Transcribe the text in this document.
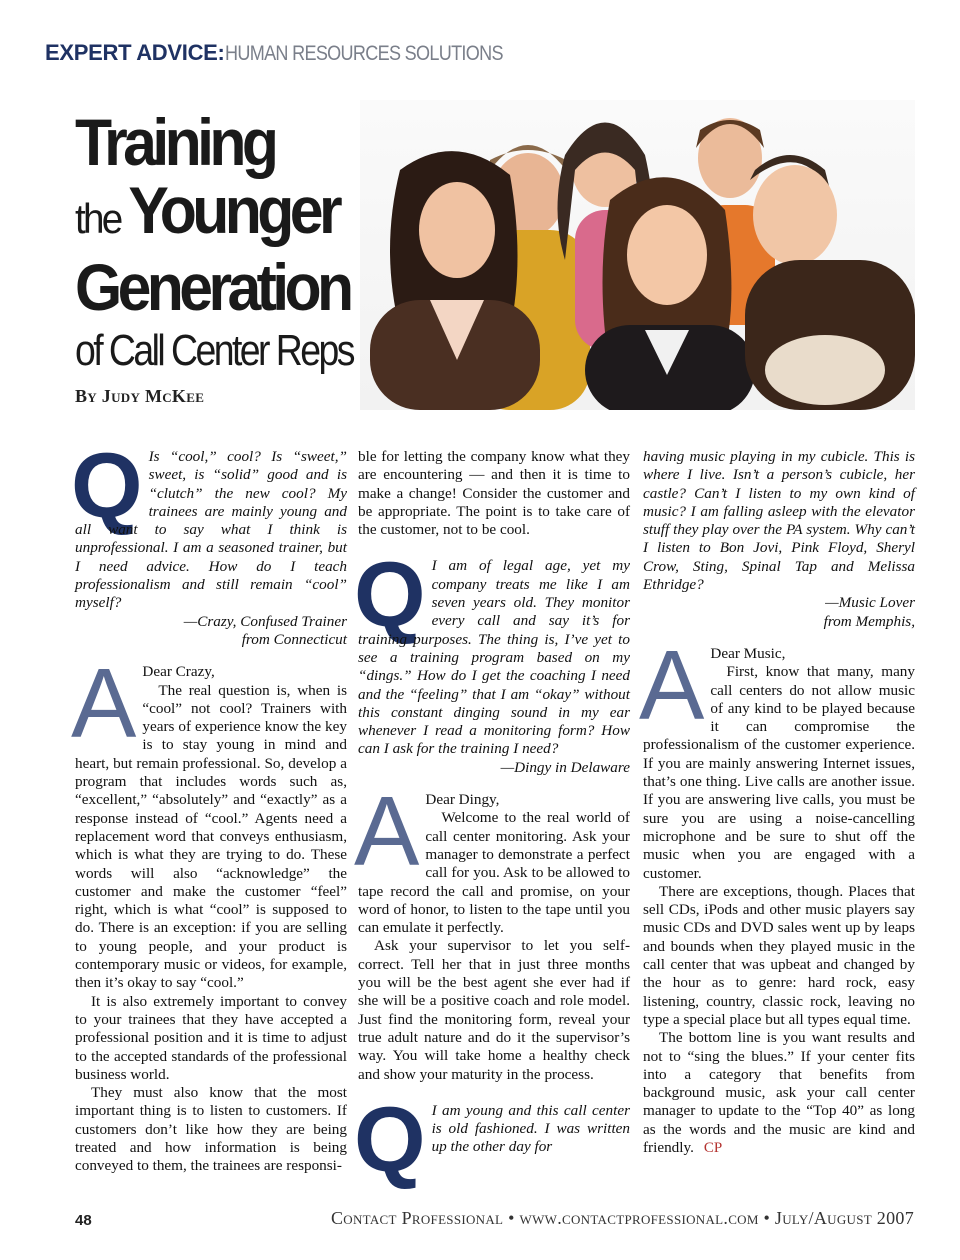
EXPERT ADVICE:HUMAN RESOURCES SOLUTIONS
Training
the Younger
Generation
of Call Center Reps
By Judy McKee
Q Is “cool,” cool? Is “sweet,” sweet, is “solid” good and is “clutch” the new cool? My trainees are mainly young and all want to say what I think is unprofessional. I am a seasoned trainer, but I need advice. How do I teach professionalism and still remain “cool” myself?

—Crazy, Confused Trainer

from Connecticut

A Dear Crazy,

The real question is, when is “cool” not cool? Trainers with years of experience know the key is to stay young in mind and heart, but remain professional. So, develop a program that includes words such as, “excellent,” “absolutely” and “exactly” as a response instead of “cool.” Agents need a replacement word that conveys enthusiasm, which is what they are trying to do. These words will also “acknowledge” the customer and make the customer “feel” right, which is what “cool” is supposed to do. There is an exception: if you are selling to young people, and your product is contemporary music or videos, for example, then it’s okay to say “cool.”

It is also extremely important to convey to your trainees that they have accepted a professional position and it is time to adjust to the accepted standards of the professional business world.

They must also know that the most important thing is to listen to customers. If customers don’t like how they are being treated and how information is being conveyed to them, the trainees are responsi-

ble for letting the company know what they are encountering — and then it is time to make a change! Consider the customer and be appropriate. The point is to take care of the customer, not to be cool.

Q I am of legal age, yet my company treats me like I am seven years old. They monitor every call and say it’s for training purposes. The thing is, I’ve yet to see a training program based on my “dings.” How do I get the coaching I need and the “feeling” that I am “okay” without this constant dinging sound in my ear whenever I read a monitoring form? How can I ask for the training I need?

—Dingy in Delaware

A Dear Dingy,

Welcome to the real world of call center monitoring. Ask your manager to demonstrate a perfect call for you. Ask to be allowed to tape record the call and promise, on your word of honor, to listen to the tape until you can emulate it perfectly.

Ask your supervisor to let you self-correct. Tell her that in just three months you will be the best agent she ever had if she will be a positive coach and role model. Just find the monitoring form, reveal your true adult nature and do it the supervisor’s way. You will take home a healthy check and show your maturity in the process.

Q I am young and this call center is old fashioned. I was written up the other day for

having music playing in my cubicle. This is where I live. Isn’t a person’s cubicle, her castle? Can’t I listen to my own kind of music? I am falling asleep with the elevator stuff they play over the PA system. Why can’t I listen to Bon Jovi, Pink Floyd, Sheryl Crow, Sting, Spinal Tap and Melissa Ethridge?

—Music Lover

from Memphis,

A Dear Music,

First, know that many, many call centers do not allow music of any kind to be played because it can compromise the professionalism of the customer experience. If you are mainly answering Internet issues, that’s one thing. Live calls are another issue. If you are answering live calls, you must be sure you are using a noise-cancelling microphone and be sure to shut off the music when you are engaged with a customer.

There are exceptions, though. Places that sell CDs, iPods and other music players say music CDs and DVD sales went up by leaps and bounds when they played music in the call center that was upbeat and changed by the hour as to genre: hard rock, easy listening, country, classic rock, leaving no type a special place but all types equal time.

The bottom line is you want results and not to “sing the blues.” If your center fits into a category that benefits from background music, ask your call center manager to update to the “Top 40” as long as the words and the music are kind and friendly. CP

48	Contact Professional • www.contactprofessional.com • July/August 2007
